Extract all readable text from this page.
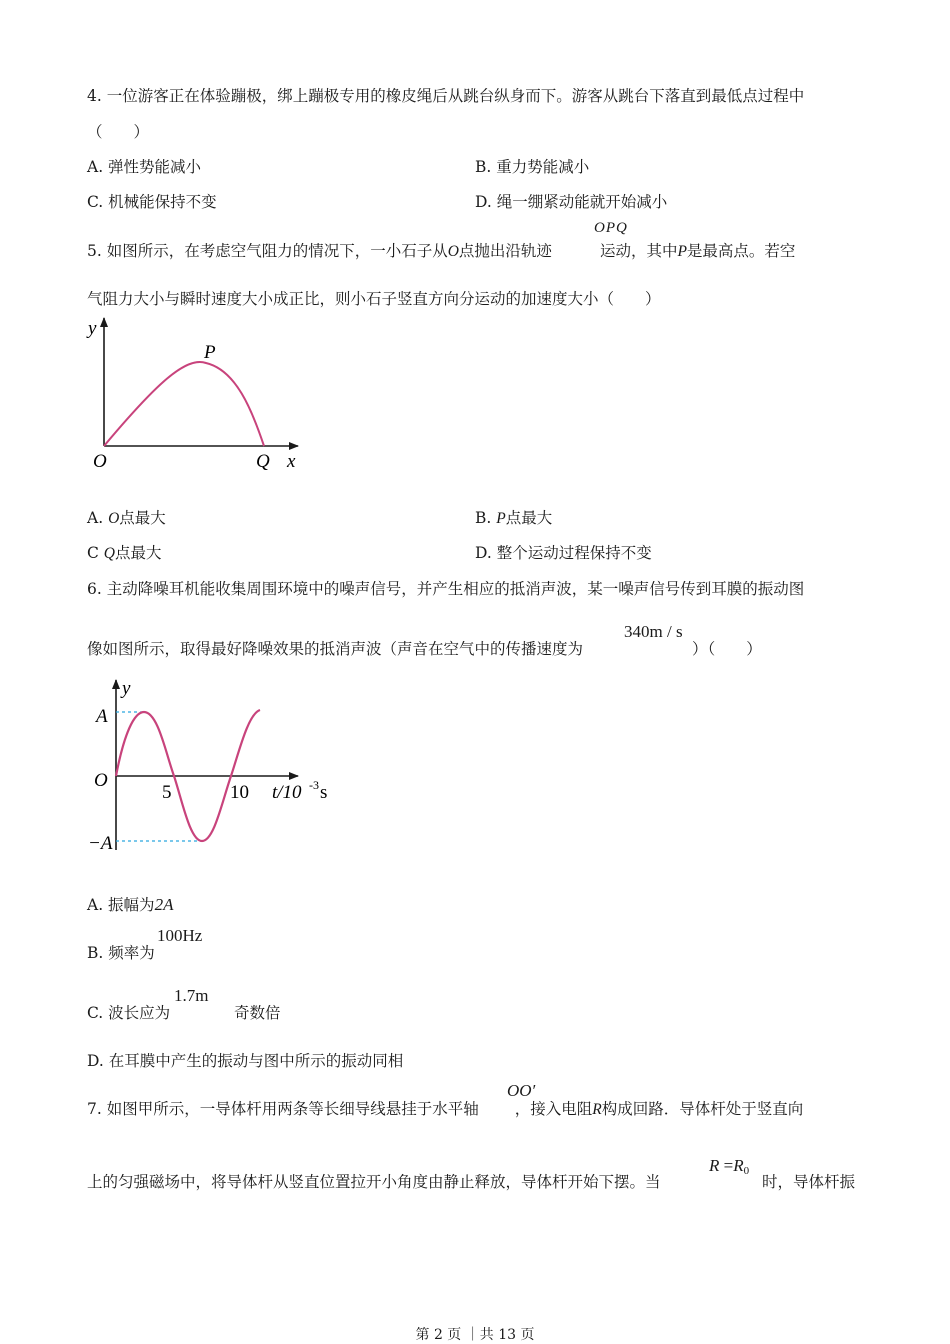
4. 一位游客正在体验蹦极，绑上蹦极专用的橡皮绳后从跳台纵身而下。游客从跳台下落直到最低点过程中
（　　）
A. 弹性势能减小	B. 重力势能减小
C. 机械能保持不变	D. 绳一绷紧动能就开始减小
5. 如图所示，在考虑空气阻力的情况下，一小石子从O点抛出沿轨迹	运动，其中P是最高点。若空
OPQ
气阻力大小与瞬时速度大小成正比，则小石子竖直方向分运动的加速度大小（　　）
y
P
O	Q x
A. O点最大	B. P点最大
C Q点最大	D. 整个运动过程保持不变
6. 主动降噪耳机能收集周围环境中的噪声信号，并产生相应的抵消声波，某一噪声信号传到耳膜的振动图
像如图所示，取得最好降噪效果的抵消声波（声音在空气中的传播速度为
340m / s
）（　　）
y
A
O
−A
5	10 t/10 -3 s
A. 振幅为2A
B. 频率为
100Hz
C. 波长应为
1.7m
奇数倍
D. 在耳膜中产生的振动与图中所示的振动同相
7. 如图甲所示，一导体杆用两条等长细导线悬挂于水平轴 ，接入电阻R构成回路．导体杆处于竖直向
OO′
上的匀强磁场中，将导体杆从竖直位置拉开小角度由静止释放，导体杆开始下摆。当
R =R0
时，导体杆振
第 2 页 ｜共 13 页
